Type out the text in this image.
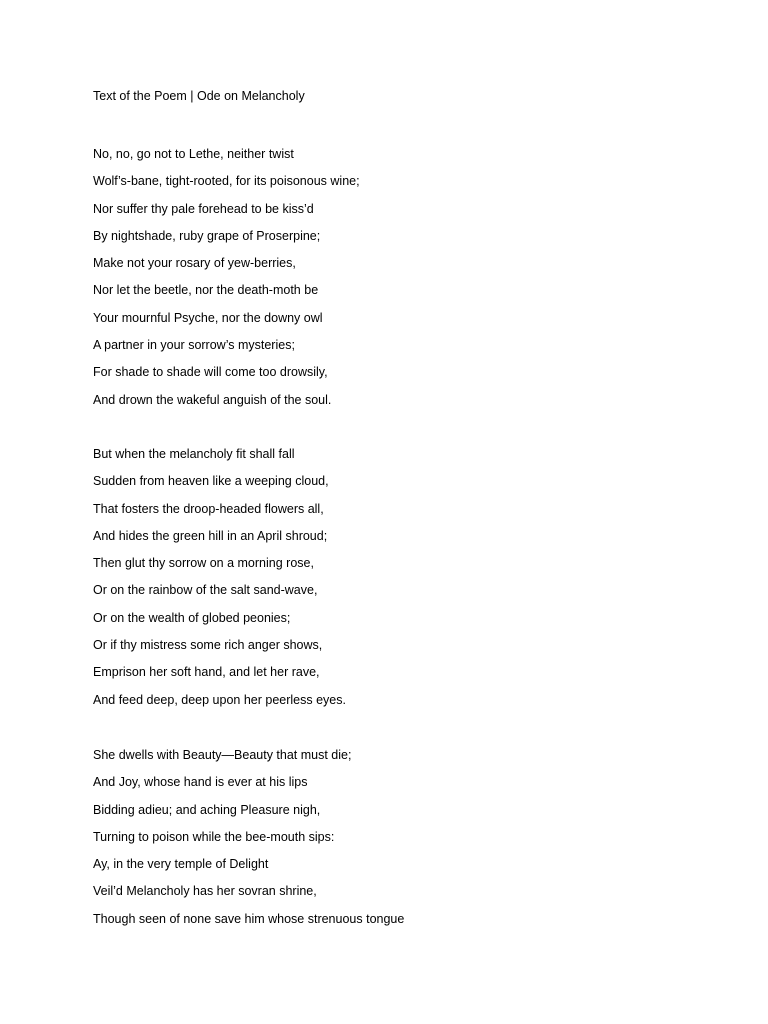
Text of the Poem | Ode on Melancholy
No, no, go not to Lethe, neither twist
Wolf’s-bane, tight-rooted, for its poisonous wine;
Nor suffer thy pale forehead to be kiss’d
By nightshade, ruby grape of Proserpine;
Make not your rosary of yew-berries,
Nor let the beetle, nor the death-moth be
Your mournful Psyche, nor the downy owl
A partner in your sorrow’s mysteries;
For shade to shade will come too drowsily,
And drown the wakeful anguish of the soul.
But when the melancholy fit shall fall
Sudden from heaven like a weeping cloud,
That fosters the droop-headed flowers all,
And hides the green hill in an April shroud;
Then glut thy sorrow on a morning rose,
Or on the rainbow of the salt sand-wave,
Or on the wealth of globed peonies;
Or if thy mistress some rich anger shows,
Emprison her soft hand, and let her rave,
And feed deep, deep upon her peerless eyes.
She dwells with Beauty—Beauty that must die;
And Joy, whose hand is ever at his lips
Bidding adieu; and aching Pleasure nigh,
Turning to poison while the bee-mouth sips:
Ay, in the very temple of Delight
Veil’d Melancholy has her sovran shrine,
Though seen of none save him whose strenuous tongue
